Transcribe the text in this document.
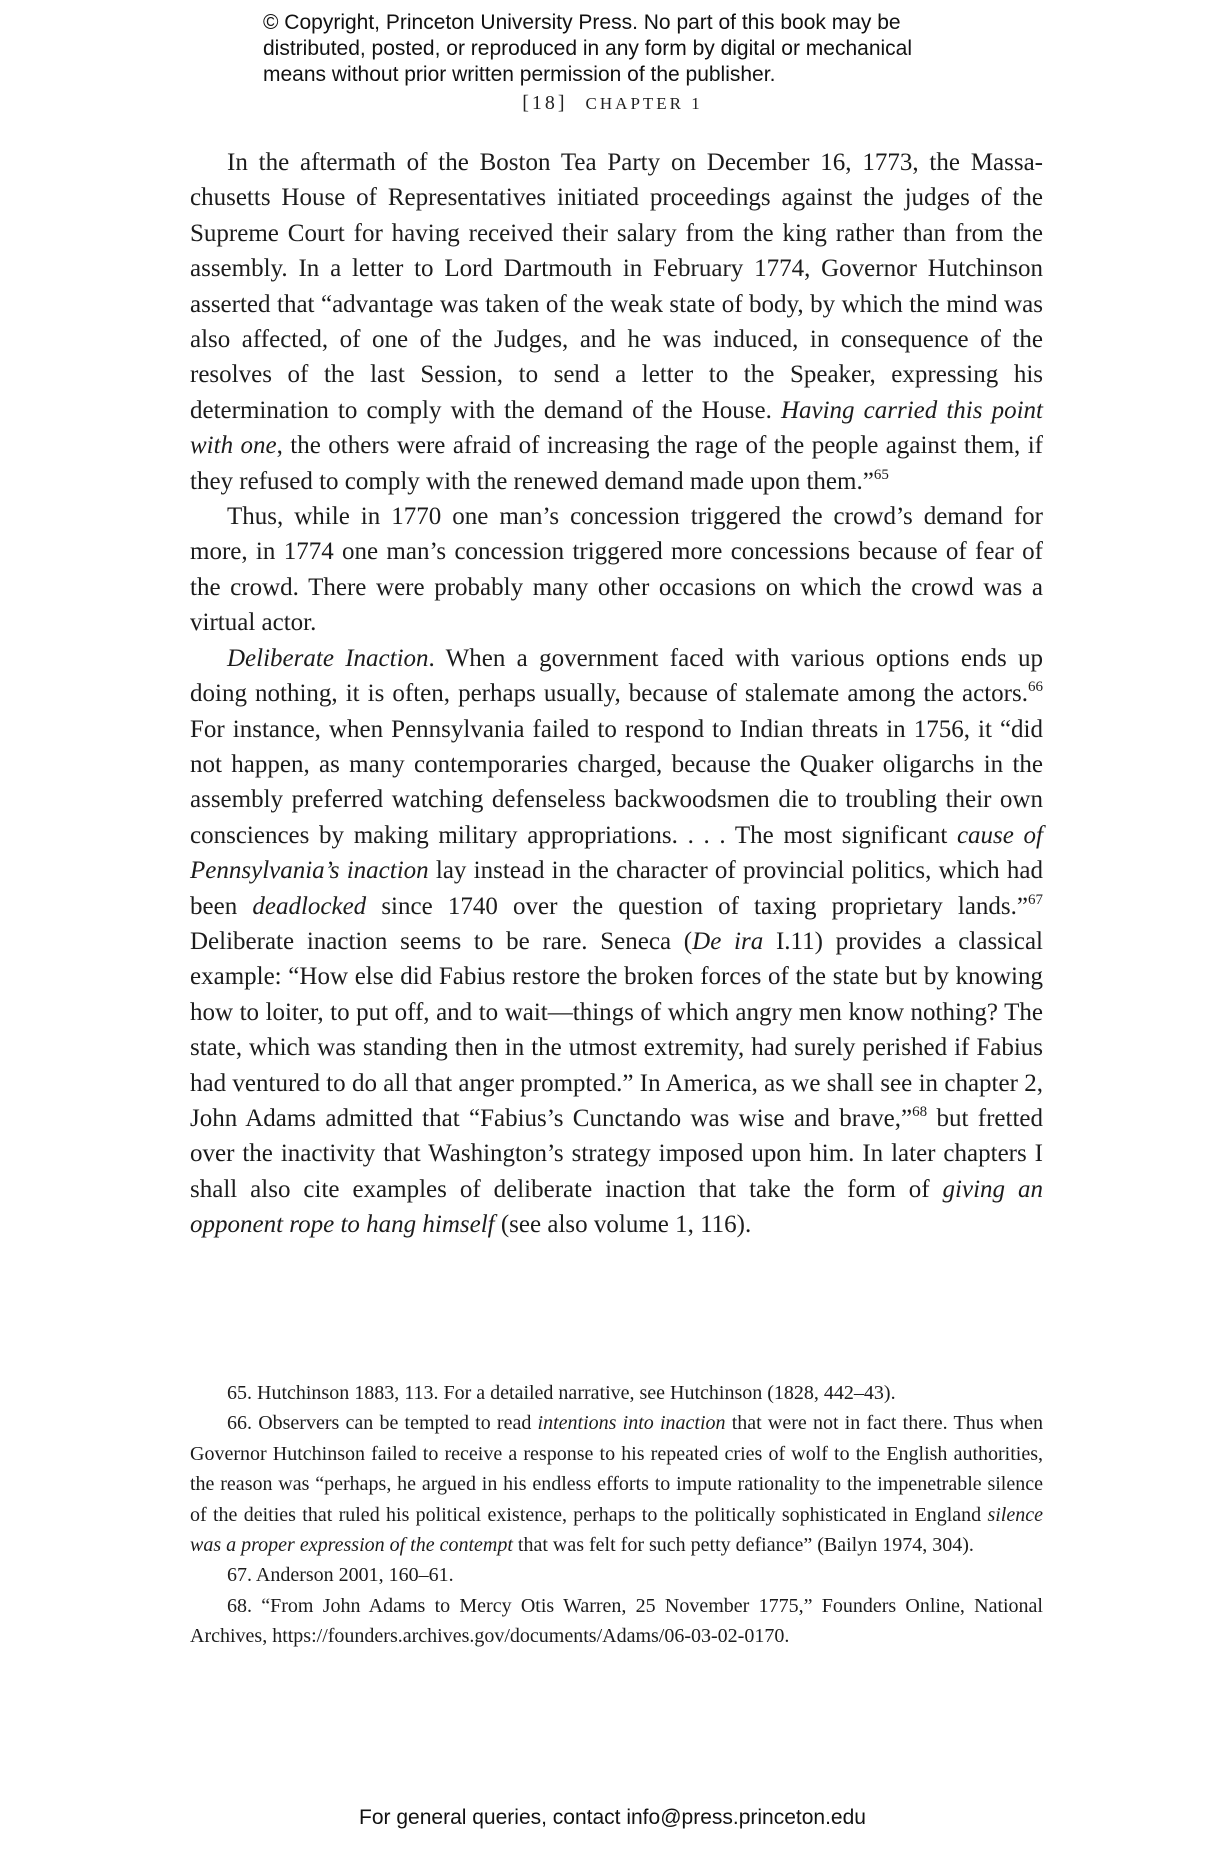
© Copyright, Princeton University Press. No part of this book may be
distributed, posted, or reproduced in any form by digital or mechanical
means without prior written permission of the publisher.
[18] CHAPTER 1

In the aftermath of the Boston Tea Party on December 16, 1773, the Massachusetts House of Representatives initiated proceedings against the judges of the Supreme Court for having received their salary from the king rather than from the assembly. In a letter to Lord Dartmouth in February 1774, Governor Hutchinson asserted that “advantage was taken of the weak state of body, by which the mind was also affected, of one of the Judges, and he was induced, in consequence of the resolves of the last Session, to send a letter to the Speaker, expressing his determination to comply with the demand of the House. Having carried this point with one, the others were afraid of increasing the rage of the people against them, if they refused to comply with the renewed demand made upon them.”$^{65}$

Thus, while in 1770 one man’s concession triggered the crowd’s demand for more, in 1774 one man’s concession triggered more concessions because of fear of the crowd. There were probably many other occasions on which the crowd was a virtual actor.

Deliberate Inaction. When a government faced with various options ends up doing nothing, it is often, perhaps usually, because of stalemate among the actors.$^{66}$ For instance, when Pennsylvania failed to respond to Indian threats in 1756, it “did not happen, as many contemporaries charged, because the Quaker oligarchs in the assembly preferred watching defenseless backwoodsmen die to troubling their own consciences by making military appropriations. . . . The most significant cause of Pennsylvania’s inaction lay instead in the character of provincial politics, which had been deadlocked since 1740 over the question of taxing proprietary lands.”$^{67}$ Deliberate inaction seems to be rare. Seneca (De ira I.11) provides a classical example: “How else did Fabius restore the broken forces of the state but by knowing how to loiter, to put off, and to wait—things of which angry men know nothing? The state, which was standing then in the utmost extremity, had surely perished if Fabius had ventured to do all that anger prompted.” In America, as we shall see in chapter 2, John Adams admitted that “Fabius’s Cunctando was wise and brave,”$^{68}$ but fretted over the inactivity that Washington’s strategy imposed upon him. In later chapters I shall also cite examples of deliberate inaction that take the form of giving an opponent rope to hang himself (see also volume 1, 116).

65. Hutchinson 1883, 113. For a detailed narrative, see Hutchinson (1828, 442–43).

66. Observers can be tempted to read intentions into inaction that were not in fact there. Thus when Governor Hutchinson failed to receive a response to his repeated cries of wolf to the English authorities, the reason was “perhaps, he argued in his endless efforts to impute rationality to the impenetrable silence of the deities that ruled his political existence, perhaps to the politically sophisticated in England silence was a proper expression of the contempt that was felt for such petty defiance” (Bailyn 1974, 304).

67. Anderson 2001, 160–61.

68. “From John Adams to Mercy Otis Warren, 25 November 1775,” Founders Online, National Archives, https://founders.archives.gov/documents/Adams/06-03-02-0170.

For general queries, contact info@press.princeton.edu
